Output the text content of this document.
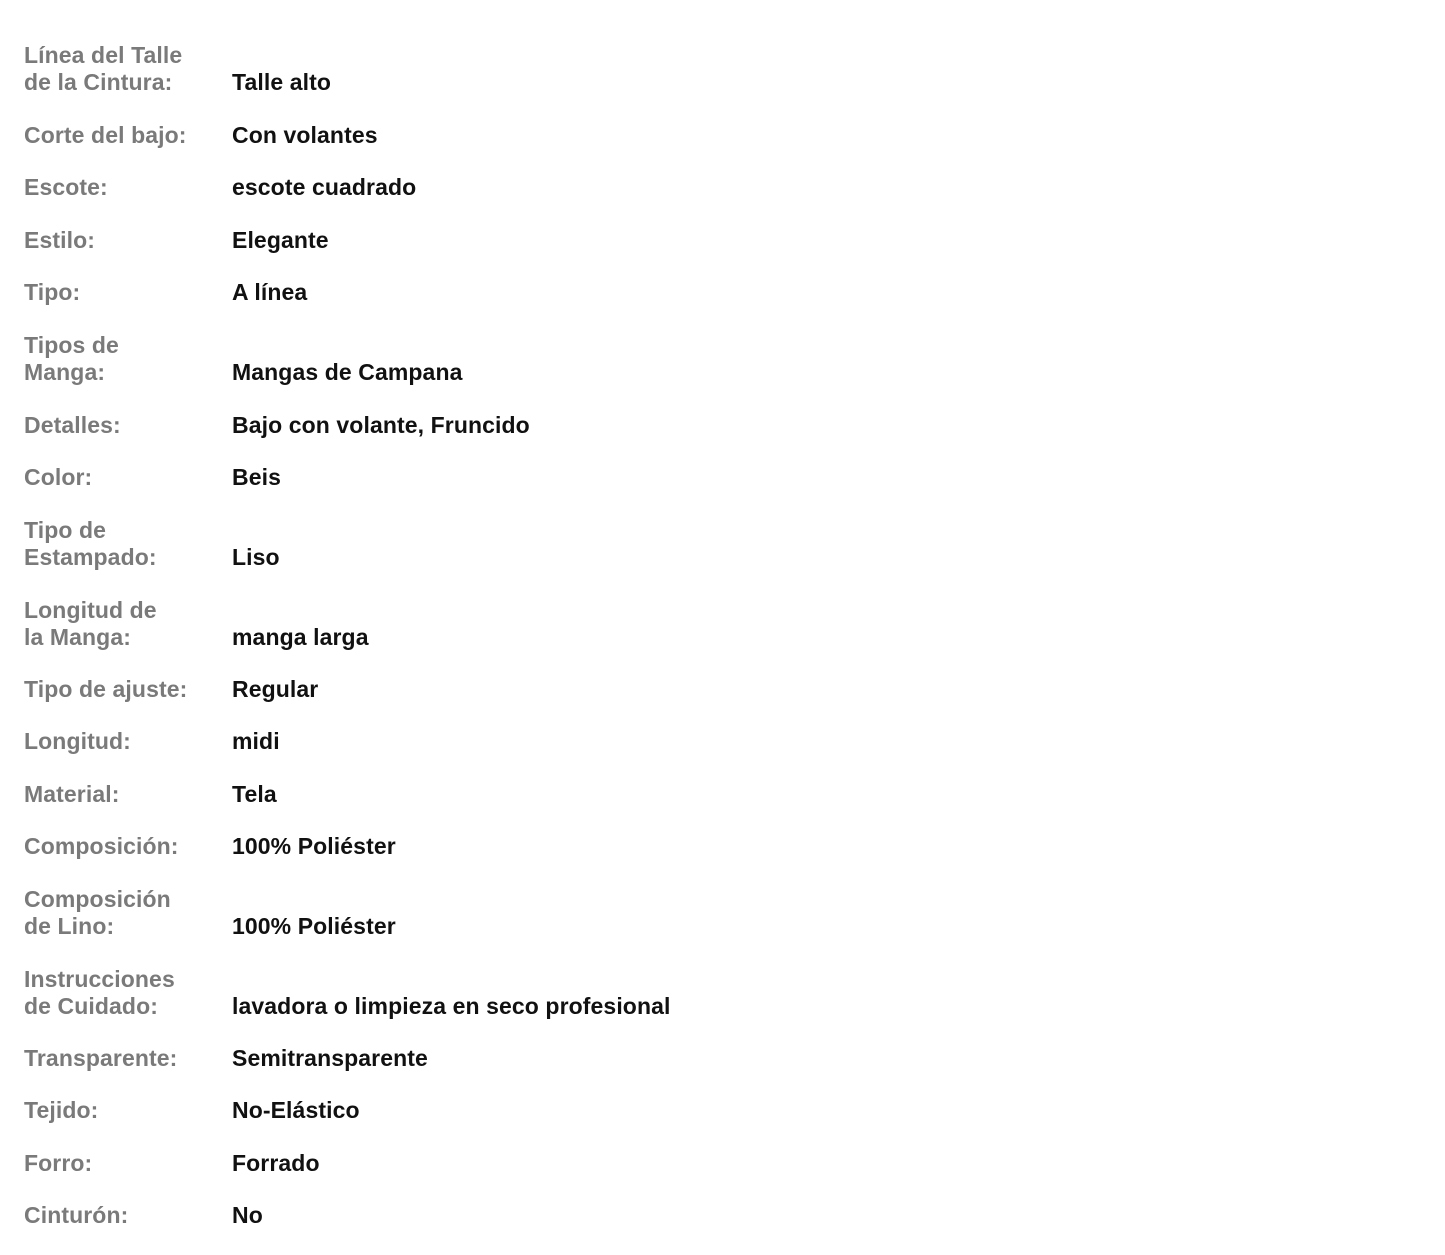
Línea del Talle
de la Cintura:	Talle alto
Corte del bajo:	Con volantes
Escote:	escote cuadrado
Estilo:	Elegante
Tipo:	A línea
Tipos de
Manga:	Mangas de Campana
Detalles:	Bajo con volante, Fruncido
Color:	Beis
Tipo de
Estampado:	Liso
Longitud de
la Manga:	manga larga
Tipo de ajuste:	Regular
Longitud:	midi
Material:	Tela
Composición:	100% Poliéster
Composición
de Lino:	100% Poliéster
Instrucciones
de Cuidado:	lavadora o limpieza en seco profesional
Transparente:	Semitransparente
Tejido:	No-Elástico
Forro:	Forrado
Cinturón:	No
